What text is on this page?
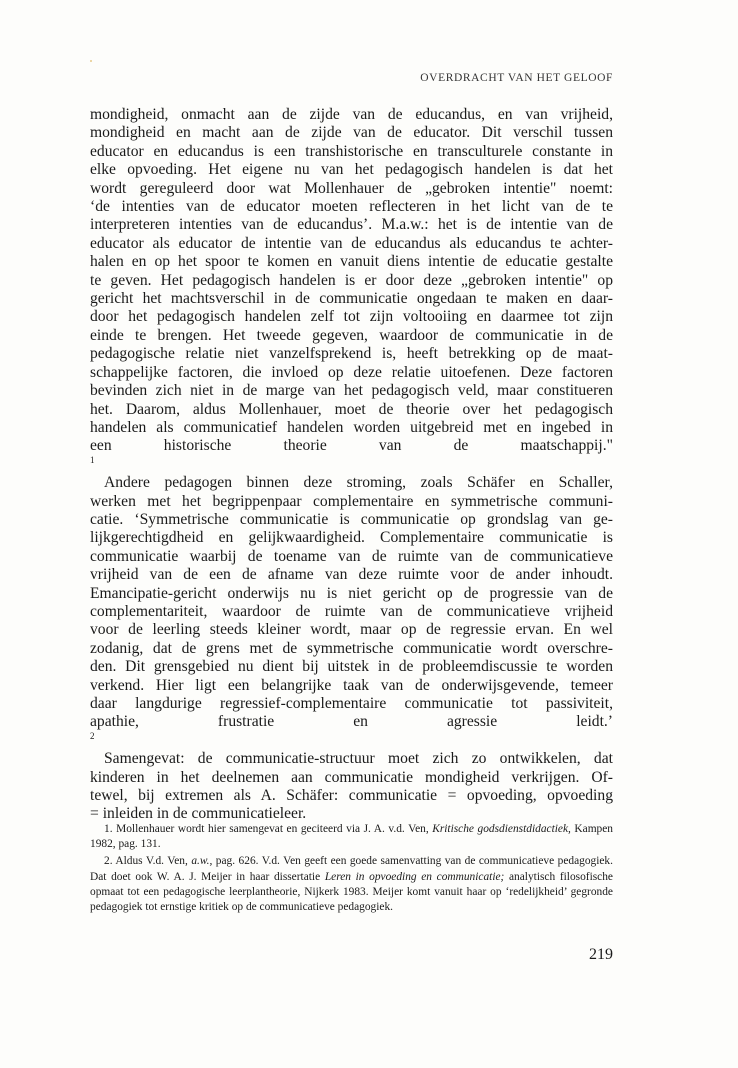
OVERDRACHT VAN HET GELOOF

mondigheid, onmacht aan de zijde van de educandus, en van vrijheid,
mondigheid en macht aan de zijde van de educator. Dit verschil tussen
educator en educandus is een transhistorische en transculturele constante in
elke opvoeding. Het eigene nu van het pedagogisch handelen is dat het
wordt gereguleerd door wat Mollenhauer de „gebroken intentie" noemt:
‘de intenties van de educator moeten reflecteren in het licht van de te
interpreteren intenties van de educandus’. M.a.w.: het is de intentie van de
educator als educator de intentie van de educandus als educandus te achter-
halen en op het spoor te komen en vanuit diens intentie de educatie gestalte
te geven. Het pedagogisch handelen is er door deze „gebroken intentie" op
gericht het machtsverschil in de communicatie ongedaan te maken en daar-
door het pedagogisch handelen zelf tot zijn voltooiing en daarmee tot zijn
einde te brengen. Het tweede gegeven, waardoor de communicatie in de
pedagogische relatie niet vanzelfsprekend is, heeft betrekking op de maat-
schappelijke factoren, die invloed op deze relatie uitoefenen. Deze factoren
bevinden zich niet in de marge van het pedagogisch veld, maar constitueren
het. Daarom, aldus Mollenhauer, moet de theorie over het pedagogisch
handelen als communicatief handelen worden uitgebreid met en ingebed in
een historische theorie van de maatschappij."
$^1$

Andere pedagogen binnen deze stroming, zoals Schäfer en Schaller,
werken met het begrippenpaar complementaire en symmetrische communi-
catie. ‘Symmetrische communicatie is communicatie op grondslag van ge-
lijkgerechtigdheid en gelijkwaardigheid. Complementaire communicatie is
communicatie waarbij de toename van de ruimte van de communicatieve
vrijheid van de een de afname van deze ruimte voor de ander inhoudt.
Emancipatie-gericht onderwijs nu is niet gericht op de progressie van de
complementariteit, waardoor de ruimte van de communicatieve vrijheid
voor de leerling steeds kleiner wordt, maar op de regressie ervan. En wel
zodanig, dat de grens met de symmetrische communicatie wordt overschre-
den. Dit grensgebied nu dient bij uitstek in de probleemdiscussie te worden
verkend. Hier ligt een belangrijke taak van de onderwijsgevende, temeer
daar langdurige regressief-complementaire communicatie tot passiviteit,
apathie, frustratie en agressie leidt.’
$^2$

Samengevat: de communicatie-structuur moet zich zo ontwikkelen, dat
kinderen in het deelnemen aan communicatie mondigheid verkrijgen. Of-
tewel, bij extremen als A. Schäfer: communicatie = opvoeding, opvoeding
= inleiden in de communicatieleer.

1. Mollenhauer wordt hier samengevat en geciteerd via J. A. v.d. Ven, Kritische godsdienstdidactiek, Kampen 1982, pag. 131.

2. Aldus V.d. Ven, a.w., pag. 626. V.d. Ven geeft een goede samenvatting van de communicatieve pedagogiek. Dat doet ook W. A. J. Meijer in haar dissertatie Leren in opvoeding en communicatie; analytisch filosofische opmaat tot een pedagogische leerplantheorie, Nijkerk 1983. Meijer komt vanuit haar op ‘redelijkheid’ gegronde pedagogiek tot ernstige kritiek op de communicatieve pedagogiek.

219
